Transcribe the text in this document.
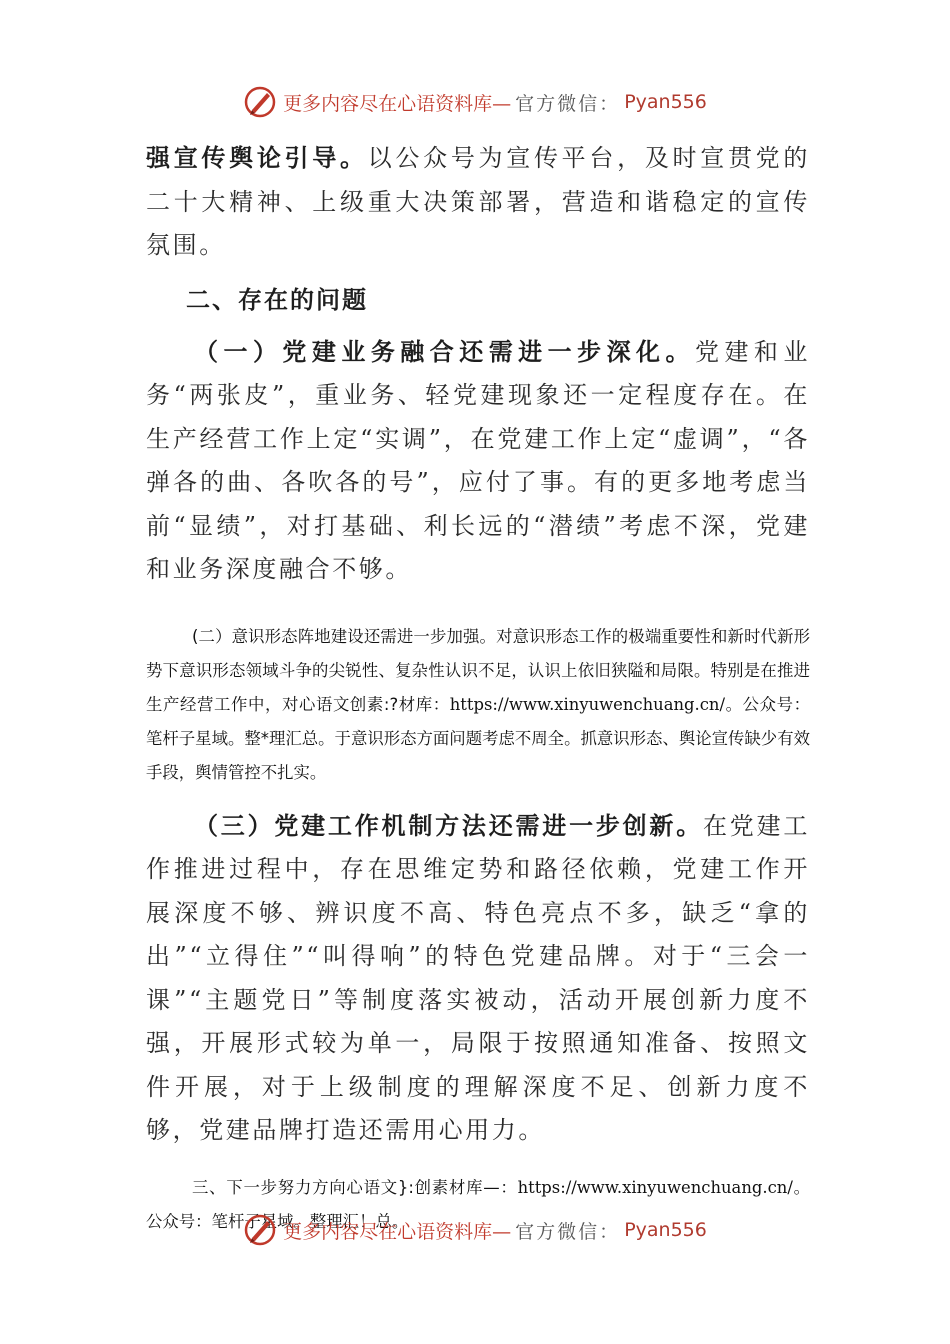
更多内容尽在心语资料库— 官方微信： Pyan556

强宣传舆论引导。以公众号为宣传平台，及时宣贯党的二十大精神、上级重大决策部署，营造和谐稳定的宣传氛围。

二、存在的问题

（一）党建业务融合还需进一步深化。党建和业务“两张皮”，重业务、轻党建现象还一定程度存在。在生产经营工作上定“实调”，在党建工作上定“虚调”，“各弹各的曲、各吹各的号”，应付了事。有的更多地考虑当前“显绩”，对打基础、利长远的“潜绩”考虑不深，党建和业务深度融合不够。

(二）意识形态阵地建设还需进一步加强。对意识形态工作的极端重要性和新时代新形势下意识形态领域斗争的尖锐性、复杂性认识不足，认识上依旧狭隘和局限。特别是在推进生产经营工作中，对心语文创素:?材库：https://www.xinyuwenchuang.cn/。公众号：笔杆子星域。整*理汇总。于意识形态方面问题考虑不周全。抓意识形态、舆论宣传缺少有效手段，舆情管控不扎实。

（三）党建工作机制方法还需进一步创新。在党建工作推进过程中，存在思维定势和路径依赖，党建工作开展深度不够、辨识度不高、特色亮点不多，缺乏“拿的出”“立得住”“叫得响”的特色党建品牌。对于“三会一课”“主题党日”等制度落实被动，活动开展创新力度不强，开展形式较为单一，局限于按照通知准备、按照文件开展，对于上级制度的理解深度不足、创新力度不够，党建品牌打造还需用心用力。

三、下一步努力方向心语文}:创素材库—：https://www.xinyuwenchuang.cn/。公众号：笔杆子星域。整理汇！总。

更多内容尽在心语资料库— 官方微信： Pyan556
